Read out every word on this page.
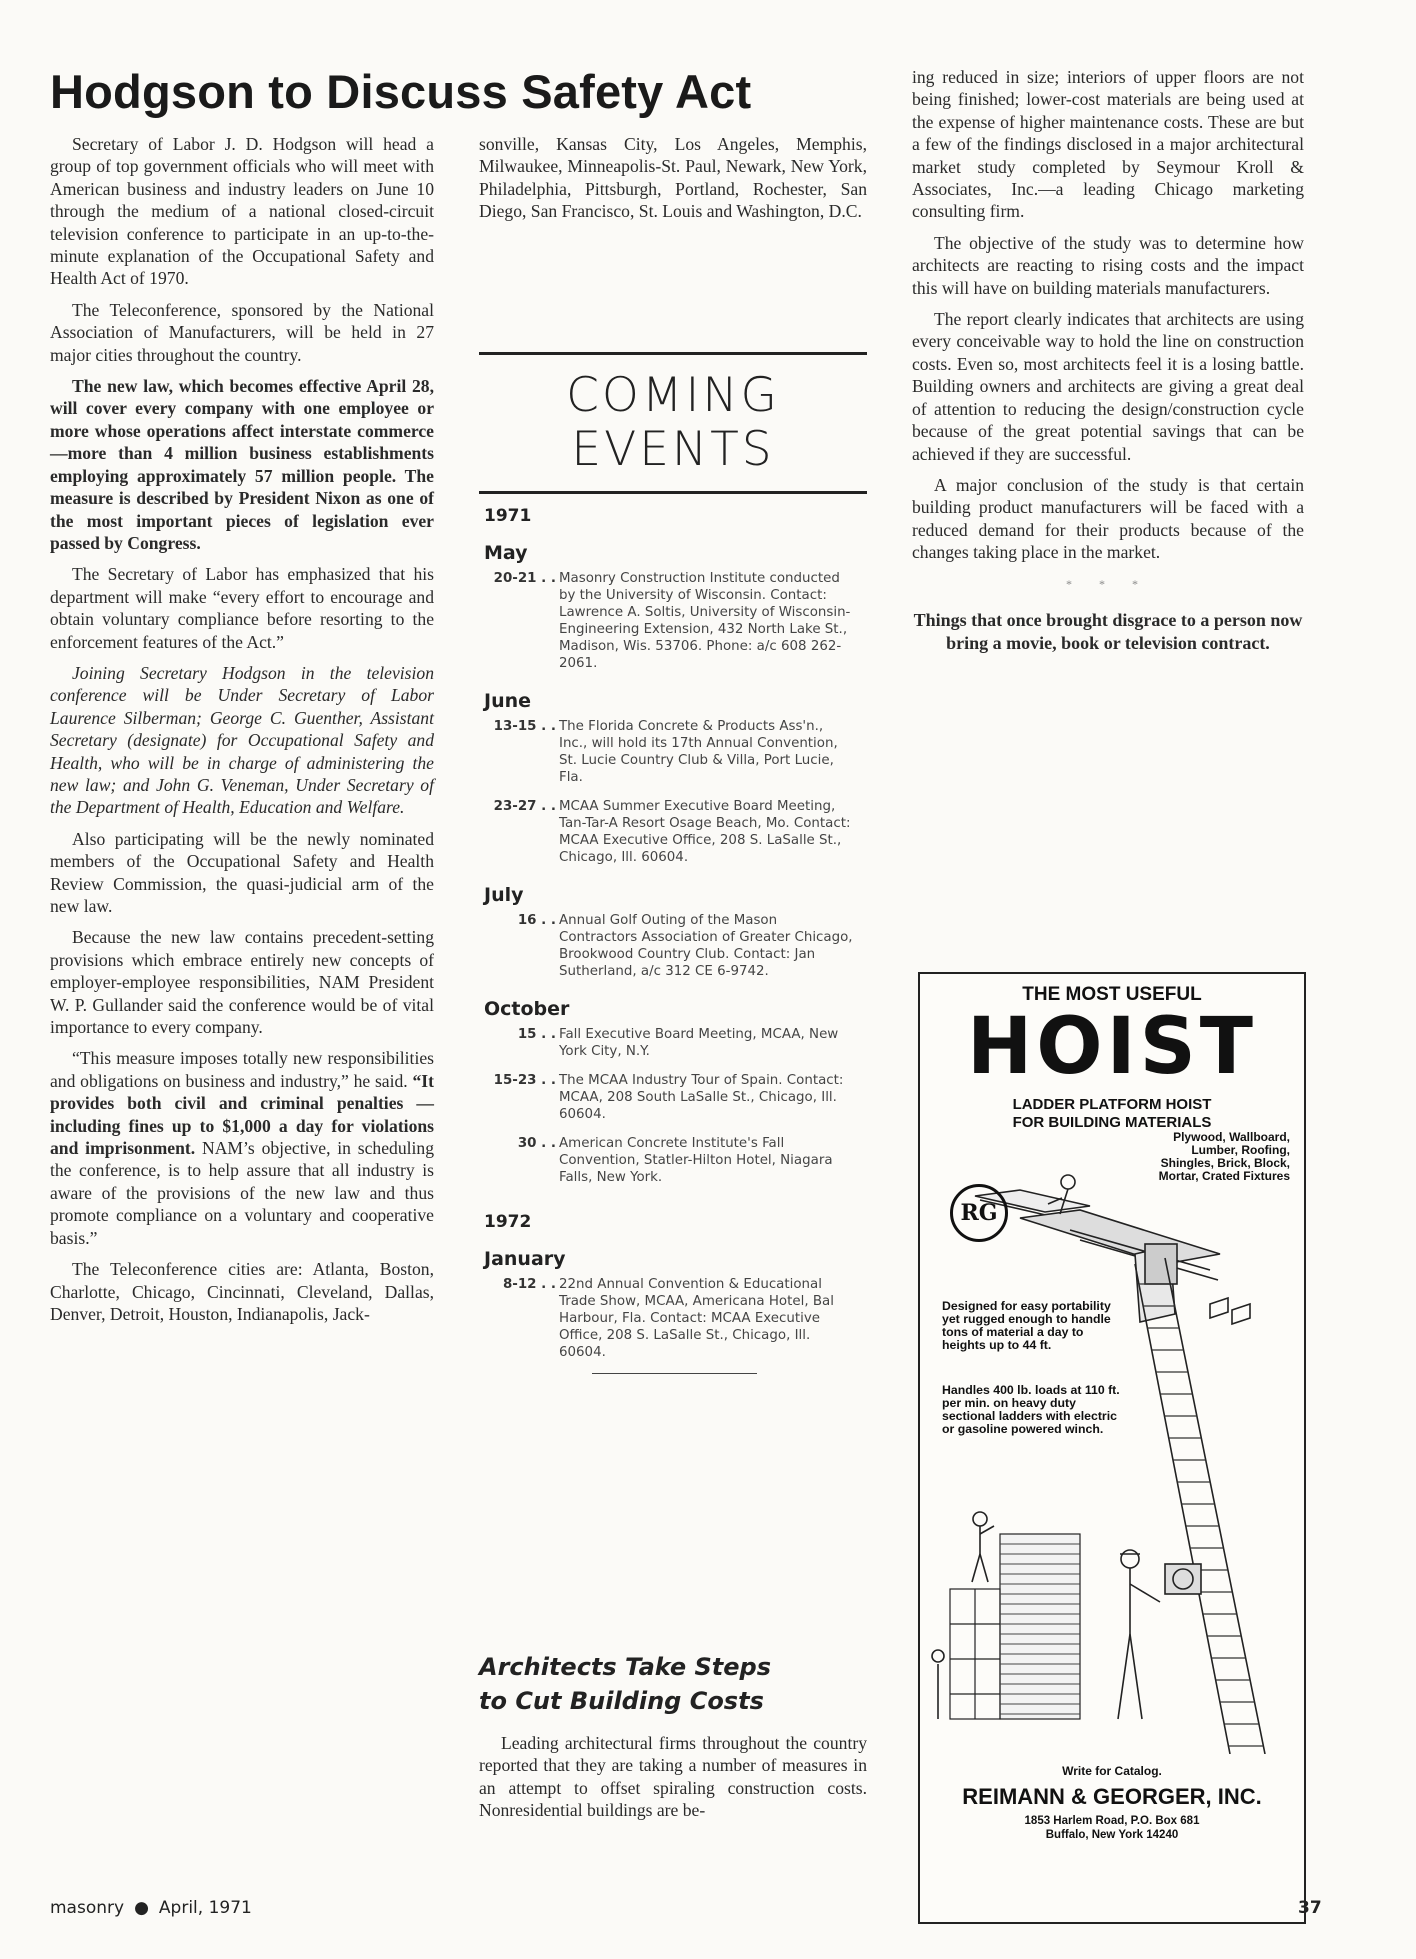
Hodgson to Discuss Safety Act

Secretary of Labor J. D. Hodgson will head a group of top government officials who will meet with American business and industry leaders on June 10 through the medium of a national closed-circuit television conference to participate in an up-to-the-minute explanation of the Occupational Safety and Health Act of 1970.

The Teleconference, sponsored by the National Association of Manufacturers, will be held in 27 major cities throughout the country.

The new law, which becomes effective April 28, will cover every company with one employee or more whose operations affect interstate commerce—more than 4 million business establishments employing approximately 57 million people. The measure is described by President Nixon as one of the most important pieces of legislation ever passed by Congress.

The Secretary of Labor has emphasized that his department will make “every effort to encourage and obtain voluntary compliance before resorting to the enforcement features of the Act.”

Joining Secretary Hodgson in the television conference will be Under Secretary of Labor Laurence Silberman; George C. Guenther, Assistant Secretary (designate) for Occupational Safety and Health, who will be in charge of administering the new law; and John G. Veneman, Under Secretary of the Department of Health, Education and Welfare.

Also participating will be the newly nominated members of the Occupational Safety and Health Review Commission, the quasi-judicial arm of the new law.

Because the new law contains precedent-setting provisions which embrace entirely new concepts of employer-employee responsibilities, NAM President W. P. Gullander said the conference would be of vital importance to every company.

“This measure imposes totally new responsibilities and obligations on business and industry,” he said. “It provides both civil and criminal penalties —including fines up to $1,000 a day for violations and imprisonment. NAM’s objective, in scheduling the conference, is to help assure that all industry is aware of the provisions of the new law and thus promote compliance on a voluntary and cooperative basis.”

The Teleconference cities are: Atlanta, Boston, Charlotte, Chicago, Cincinnati, Cleveland, Dallas, Denver, Detroit, Houston, Indianapolis, Jack-

sonville, Kansas City, Los Angeles, Memphis, Milwaukee, Minneapolis-St. Paul, Newark, New York, Philadelphia, Pittsburgh, Portland, Rochester, San Diego, San Francisco, St. Louis and Washington, D.C.

COMING
EVENTS
1971
May
20-21 . . Masonry Construction Institute conducted by the University of Wisconsin. Contact: Lawrence A. Soltis, University of Wisconsin-Engineering Extension, 432 North Lake St., Madison, Wis. 53706. Phone: a/c 608 262-2061.
June
13-15 . . The Florida Concrete & Products Ass'n., Inc., will hold its 17th Annual Convention, St. Lucie Country Club & Villa, Port Lucie, Fla.
23-27 . . MCAA Summer Executive Board Meeting, Tan-Tar-A Resort Osage Beach, Mo. Contact: MCAA Executive Office, 208 S. LaSalle St., Chicago, Ill. 60604.
July
16 . . Annual Golf Outing of the Mason Contractors Association of Greater Chicago, Brookwood Country Club. Contact: Jan Sutherland, a/c 312 CE 6-9742.
October
15 . . Fall Executive Board Meeting, MCAA, New York City, N.Y.
15-23 . . The MCAA Industry Tour of Spain. Contact: MCAA, 208 South LaSalle St., Chicago, Ill. 60604.
30 . . American Concrete Institute's Fall Convention, Statler-Hilton Hotel, Niagara Falls, New York.
1972
January
8-12 . . 22nd Annual Convention & Educational Trade Show, MCAA, Americana Hotel, Bal Harbour, Fla. Contact: MCAA Executive Office, 208 S. LaSalle St., Chicago, Ill. 60604.
Architects Take Steps
to Cut Building Costs

Leading architectural firms throughout the country reported that they are taking a number of measures in an attempt to offset spiraling construction costs. Nonresidential buildings are be-

ing reduced in size; interiors of upper floors are not being finished; lower-cost materials are being used at the expense of higher maintenance costs. These are but a few of the findings disclosed in a major architectural market study completed by Seymour Kroll & Associates, Inc.—a leading Chicago marketing consulting firm.

The objective of the study was to determine how architects are reacting to rising costs and the impact this will have on building materials manufacturers.

The report clearly indicates that architects are using every conceivable way to hold the line on construction costs. Even so, most architects feel it is a losing battle. Building owners and architects are giving a great deal of attention to reducing the design/construction cycle because of the great potential savings that can be achieved if they are successful.

A major conclusion of the study is that certain building product manufacturers will be faced with a reduced demand for their products because of the changes taking place in the market.

* * *
Things that once brought disgrace to a person now bring a movie, book or television contract.
THE MOST USEFUL
HOIST
LADDER PLATFORM HOIST
FOR BUILDING MATERIALS
Plywood, Wallboard,
Lumber, Roofing,
Shingles, Brick, Block,
Mortar, Crated Fixtures
RG
Designed for easy portability yet rugged enough to handle tons of material a day to heights up to 44 ft.
Handles 400 lb. loads at 110 ft. per min. on heavy duty sectional ladders with electric or gasoline powered winch.
Write for Catalog.
REIMANN & GEORGER, INC.
1853 Harlem Road, P.O. Box 681
Buffalo, New York 14240
masonry ● April, 1971	37
